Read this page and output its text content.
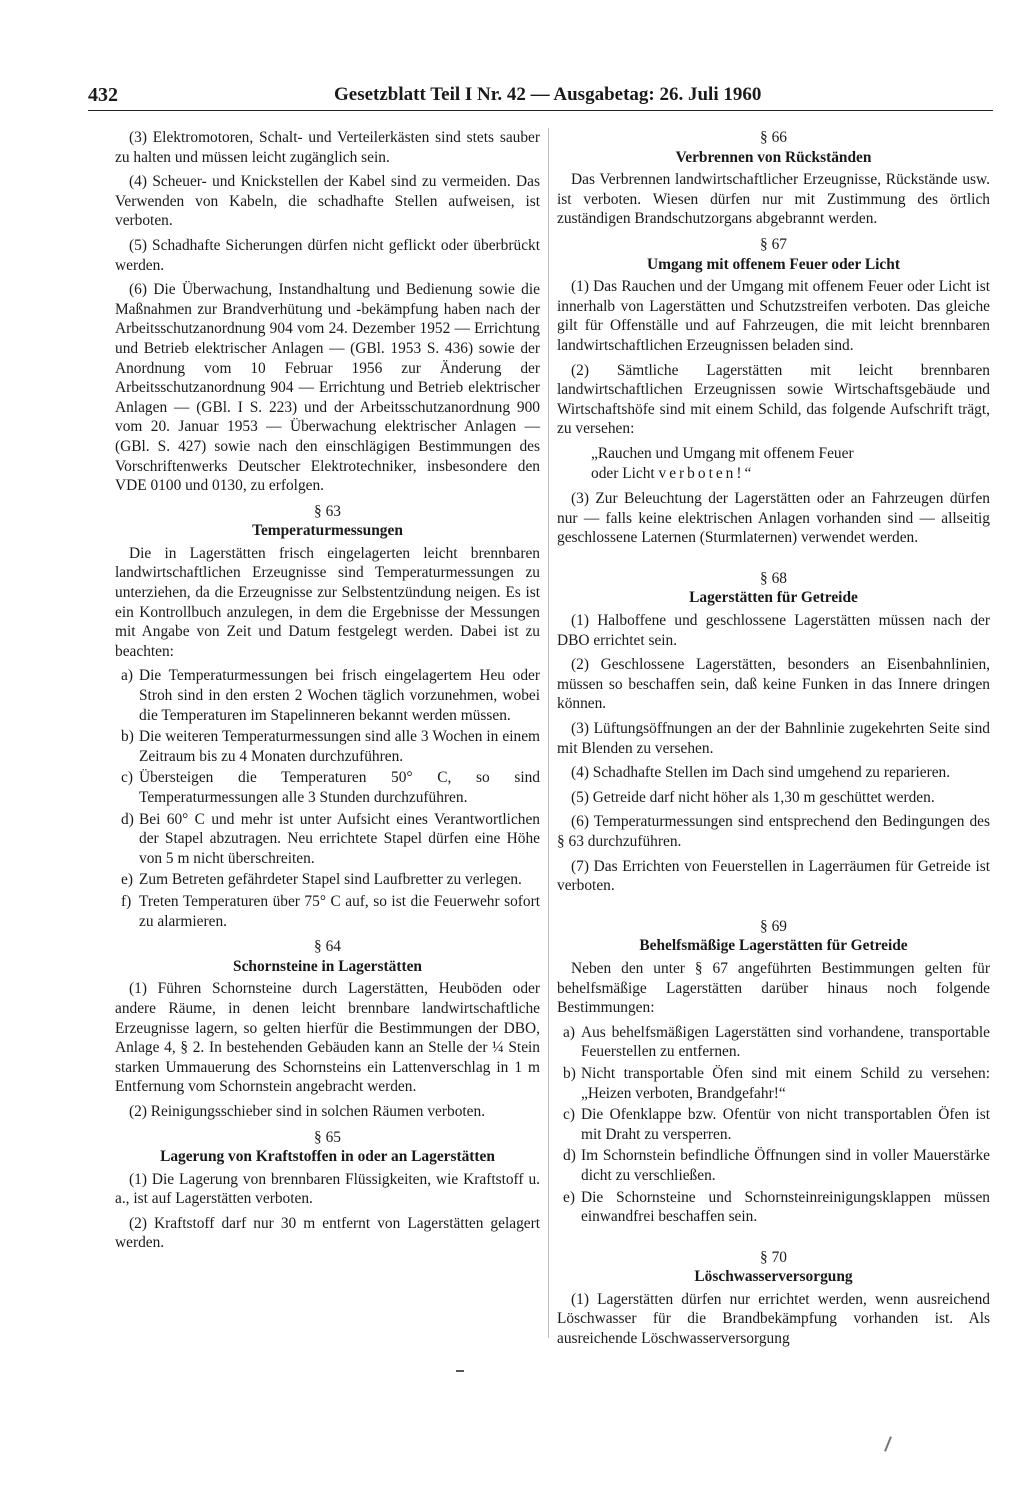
432	Gesetzblatt Teil I Nr. 42 — Ausgabetag: 26. Juli 1960

(3) Elektromotoren, Schalt- und Verteilerkästen sind stets sauber zu halten und müssen leicht zugänglich sein.

(4) Scheuer- und Knickstellen der Kabel sind zu vermeiden. Das Verwenden von Kabeln, die schadhafte Stellen aufweisen, ist verboten.

(5) Schadhafte Sicherungen dürfen nicht geflickt oder überbrückt werden.

(6) Die Überwachung, Instandhaltung und Bedienung sowie die Maßnahmen zur Brandverhütung und -bekämpfung haben nach der Arbeitsschutzanordnung 904 vom 24. Dezember 1952 — Errichtung und Betrieb elektrischer Anlagen — (GBl. 1953 S. 436) sowie der Anordnung vom 10 Februar 1956 zur Änderung der Arbeitsschutzanordnung 904 — Errichtung und Betrieb elektrischer Anlagen — (GBl. I S. 223) und der Arbeitsschutzanordnung 900 vom 20. Januar 1953 — Überwachung elektrischer Anlagen — (GBl. S. 427) sowie nach den einschlägigen Bestimmungen des Vorschriftenwerks Deutscher Elektrotechniker, insbesondere den VDE 0100 und 0130, zu erfolgen.

§ 63
Temperaturmessungen

Die in Lagerstätten frisch eingelagerten leicht brennbaren landwirtschaftlichen Erzeugnisse sind Temperaturmessungen zu unterziehen, da die Erzeugnisse zur Selbstentzündung neigen. Es ist ein Kontrollbuch anzulegen, in dem die Ergebnisse der Messungen mit Angabe von Zeit und Datum festgelegt werden. Dabei ist zu beachten:

a) Die Temperaturmessungen bei frisch eingelagertem Heu oder Stroh sind in den ersten 2 Wochen täglich vorzunehmen, wobei die Temperaturen im Stapelinneren bekannt werden müssen.
b) Die weiteren Temperaturmessungen sind alle 3 Wochen in einem Zeitraum bis zu 4 Monaten durchzuführen.
c) Übersteigen die Temperaturen 50° C, so sind Temperaturmessungen alle 3 Stunden durchzuführen.
d) Bei 60° C und mehr ist unter Aufsicht eines Verantwortlichen der Stapel abzutragen. Neu errichtete Stapel dürfen eine Höhe von 5 m nicht überschreiten.
e) Zum Betreten gefährdeter Stapel sind Laufbretter zu verlegen.
f) Treten Temperaturen über 75° C auf, so ist die Feuerwehr sofort zu alarmieren.
§ 64
Schornsteine in Lagerstätten

(1) Führen Schornsteine durch Lagerstätten, Heuböden oder andere Räume, in denen leicht brennbare landwirtschaftliche Erzeugnisse lagern, so gelten hierfür die Bestimmungen der DBO, Anlage 4, § 2. In bestehenden Gebäuden kann an Stelle der ¼ Stein starken Ummauerung des Schornsteins ein Lattenverschlag in 1 m Entfernung vom Schornstein angebracht werden.

(2) Reinigungsschieber sind in solchen Räumen verboten.

§ 65
Lagerung von Kraftstoffen in oder an Lagerstätten

(1) Die Lagerung von brennbaren Flüssigkeiten, wie Kraftstoff u. a., ist auf Lagerstätten verboten.

(2) Kraftstoff darf nur 30 m entfernt von Lagerstätten gelagert werden.

§ 66
Verbrennen von Rückständen

Das Verbrennen landwirtschaftlicher Erzeugnisse, Rückstände usw. ist verboten. Wiesen dürfen nur mit Zustimmung des örtlich zuständigen Brandschutzorgans abgebrannt werden.

§ 67
Umgang mit offenem Feuer oder Licht

(1) Das Rauchen und der Umgang mit offenem Feuer oder Licht ist innerhalb von Lagerstätten und Schutzstreifen verboten. Das gleiche gilt für Offenställe und auf Fahrzeugen, die mit leicht brennbaren landwirtschaftlichen Erzeugnissen beladen sind.

(2) Sämtliche Lagerstätten mit leicht brennbaren landwirtschaftlichen Erzeugnissen sowie Wirtschaftsgebäude und Wirtschaftshöfe sind mit einem Schild, das folgende Aufschrift trägt, zu versehen:

„Rauchen und Umgang mit offenem Feuer
oder Licht verboten!“

(3) Zur Beleuchtung der Lagerstätten oder an Fahrzeugen dürfen nur — falls keine elektrischen Anlagen vorhanden sind — allseitig geschlossene Laternen (Sturmlaternen) verwendet werden.

§ 68
Lagerstätten für Getreide

(1) Halboffene und geschlossene Lagerstätten müssen nach der DBO errichtet sein.

(2) Geschlossene Lagerstätten, besonders an Eisenbahnlinien, müssen so beschaffen sein, daß keine Funken in das Innere dringen können.

(3) Lüftungsöffnungen an der der Bahnlinie zugekehrten Seite sind mit Blenden zu versehen.

(4) Schadhafte Stellen im Dach sind umgehend zu reparieren.

(5) Getreide darf nicht höher als 1,30 m geschüttet werden.

(6) Temperaturmessungen sind entsprechend den Bedingungen des § 63 durchzuführen.

(7) Das Errichten von Feuerstellen in Lagerräumen für Getreide ist verboten.

§ 69
Behelfsmäßige Lagerstätten für Getreide

Neben den unter § 67 angeführten Bestimmungen gelten für behelfsmäßige Lagerstätten darüber hinaus noch folgende Bestimmungen:

a) Aus behelfsmäßigen Lagerstätten sind vorhandene, transportable Feuerstellen zu entfernen.
b) Nicht transportable Öfen sind mit einem Schild zu versehen: „Heizen verboten, Brandgefahr!“
c) Die Ofenklappe bzw. Ofentür von nicht transportablen Öfen ist mit Draht zu versperren.
d) Im Schornstein befindliche Öffnungen sind in voller Mauerstärke dicht zu verschließen.
e) Die Schornsteine und Schornsteinreinigungsklappen müssen einwandfrei beschaffen sein.
§ 70
Löschwasserversorgung

(1) Lagerstätten dürfen nur errichtet werden, wenn ausreichend Löschwasser für die Brandbekämpfung vorhanden ist. Als ausreichende Löschwasserversorgung
